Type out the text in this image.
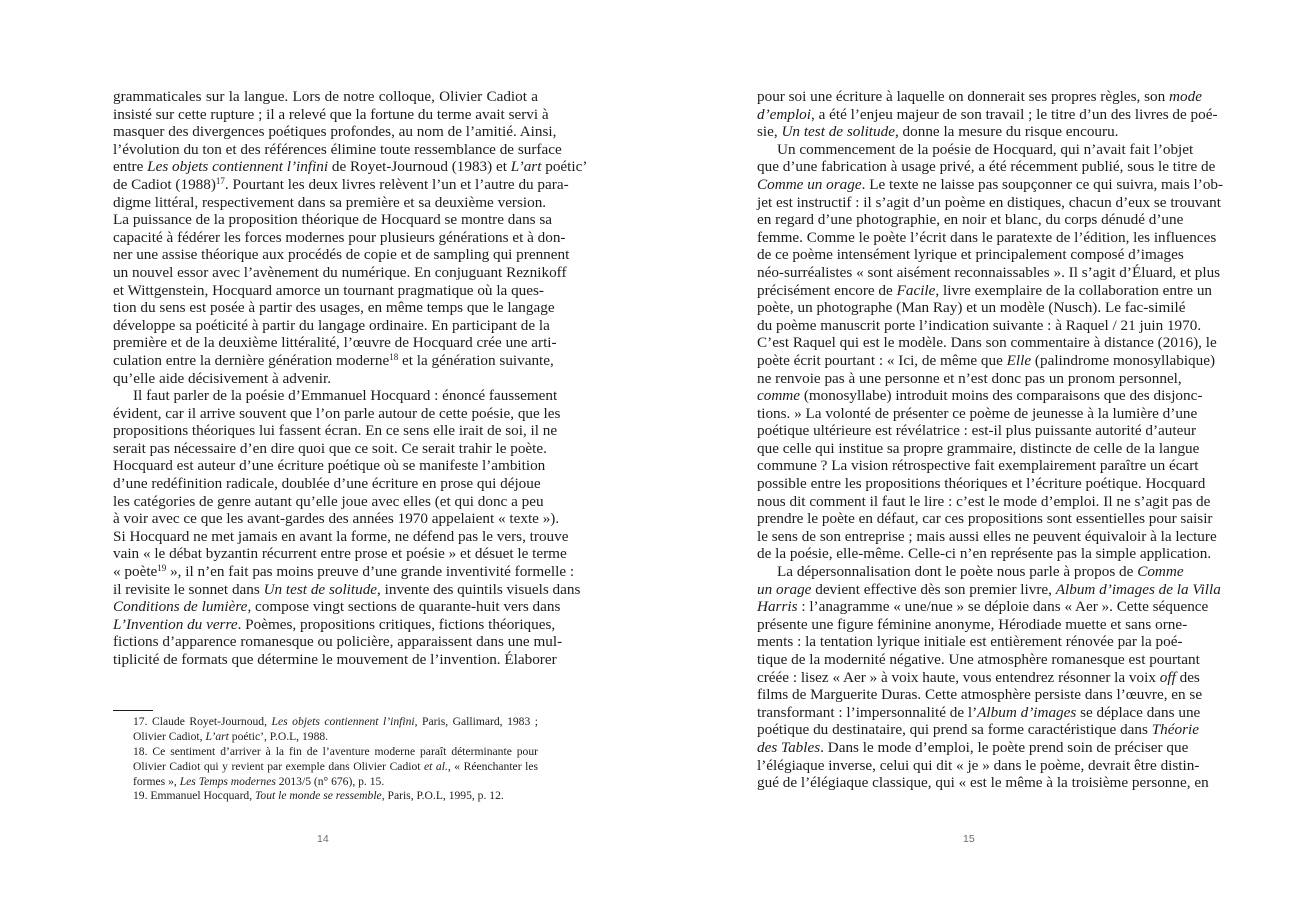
grammaticales sur la langue. Lors de notre colloque, Olivier Cadiot a
insisté sur cette rupture ; il a relevé que la fortune du terme avait servi à
masquer des divergences poétiques profondes, au nom de l’amitié. Ainsi,
l’évolution du ton et des références élimine toute ressemblance de surface
entre Les objets contiennent l’infini de Royet-Journoud (1983) et L’art poétic’
de Cadiot $(1988)^{17}$. Pourtant les deux livres relèvent l’un et l’autre du para-
digme littéral, respectivement dans sa première et sa deuxième version.
La puissance de la proposition théorique de Hocquard se montre dans sa
capacité à fédérer les forces modernes pour plusieurs générations et à don-
ner une assise théorique aux procédés de copie et de sampling qui prennent
un nouvel essor avec l’avènement du numérique. En conjuguant Reznikoff
et Wittgenstein, Hocquard amorce un tournant pragmatique où la ques-
tion du sens est posée à partir des usages, en même temps que le langage
développe sa poéticité à partir du langage ordinaire. En participant de la
première et de la deuxième littéralité, l’œuvre de Hocquard crée une arti-
culation entre la dernière génération moderne$^{18}$ et la génération suivante,
qu’elle aide décisivement à advenir.
Il faut parler de la poésie d’Emmanuel Hocquard : énoncé faussement
évident, car il arrive souvent que l’on parle autour de cette poésie, que les
propositions théoriques lui fassent écran. En ce sens elle irait de soi, il ne
serait pas nécessaire d’en dire quoi que ce soit. Ce serait trahir le poète.
Hocquard est auteur d’une écriture poétique où se manifeste l’ambition
d’une redéfinition radicale, doublée d’une écriture en prose qui déjoue
les catégories de genre autant qu’elle joue avec elles (et qui donc a peu
à voir avec ce que les avant-gardes des années 1970 appelaient « texte »).
Si Hocquard ne met jamais en avant la forme, ne défend pas le vers, trouve
vain « le débat byzantin récurrent entre prose et poésie » et désuet le terme
« poète$^{19}$ », il n’en fait pas moins preuve d’une grande inventivité formelle :
il revisite le sonnet dans Un test de solitude, invente des quintils visuels dans
Conditions de lumière, compose vingt sections de quarante-huit vers dans
L’Invention du verre. Poèmes, propositions critiques, fictions théoriques,
fictions d’apparence romanesque ou policière, apparaissent dans une mul-
tiplicité de formats que détermine le mouvement de l’invention. Élaborer
17. Claude Royet-Journoud, Les objets contiennent l’infini, Paris, Gallimard, 1983 ;
Olivier Cadiot, L’art poétic’, P.O.L, 1988.
18. Ce sentiment d’arriver à la fin de l’aventure moderne paraît déterminante pour
Olivier Cadiot qui y revient par exemple dans Olivier Cadiot et al., « Réenchanter les
formes », Les Temps modernes 2013/5 (n° 676), p. 15.
19. Emmanuel Hocquard, Tout le monde se ressemble, Paris, P.O.L, 1995, p. 12.
14
pour soi une écriture à laquelle on donnerait ses propres règles, son mode
d’emploi, a été l’enjeu majeur de son travail ; le titre d’un des livres de poé-
sie, Un test de solitude, donne la mesure du risque encouru.
Un commencement de la poésie de Hocquard, qui n’avait fait l’objet
que d’une fabrication à usage privé, a été récemment publié, sous le titre de
Comme un orage. Le texte ne laisse pas soupçonner ce qui suivra, mais l’ob-
jet est instructif : il s’agit d’un poème en distiques, chacun d’eux se trouvant
en regard d’une photographie, en noir et blanc, du corps dénudé d’une
femme. Comme le poète l’écrit dans le paratexte de l’édition, les influences
de ce poème intensément lyrique et principalement composé d’images
néo-surréalistes « sont aisément reconnaissables ». Il s’agit d’Éluard, et plus
précisément encore de Facile, livre exemplaire de la collaboration entre un
poète, un photographe (Man Ray) et un modèle (Nusch). Le fac-similé
du poème manuscrit porte l’indication suivante : à Raquel / 21 juin 1970.
C’est Raquel qui est le modèle. Dans son commentaire à distance (2016), le
poète écrit pourtant : « Ici, de même que Elle (palindrome monosyllabique)
ne renvoie pas à une personne et n’est donc pas un pronom personnel,
comme (monosyllabe) introduit moins des comparaisons que des disjonc-
tions. » La volonté de présenter ce poème de jeunesse à la lumière d’une
poétique ultérieure est révélatrice : est-il plus puissante autorité d’auteur
que celle qui institue sa propre grammaire, distincte de celle de la langue
commune ? La vision rétrospective fait exemplairement paraître un écart
possible entre les propositions théoriques et l’écriture poétique. Hocquard
nous dit comment il faut le lire : c’est le mode d’emploi. Il ne s’agit pas de
prendre le poète en défaut, car ces propositions sont essentielles pour saisir
le sens de son entreprise ; mais aussi elles ne peuvent équivaloir à la lecture
de la poésie, elle-même. Celle-ci n’en représente pas la simple application.
La dépersonnalisation dont le poète nous parle à propos de Comme
un orage devient effective dès son premier livre, Album d’images de la Villa
Harris : l’anagramme « une/nue » se déploie dans « Aer ». Cette séquence
présente une figure féminine anonyme, Hérodiade muette et sans orne-
ments : la tentation lyrique initiale est entièrement rénovée par la poé-
tique de la modernité négative. Une atmosphère romanesque est pourtant
créée : lisez « Aer » à voix haute, vous entendrez résonner la voix off des
films de Marguerite Duras. Cette atmosphère persiste dans l’œuvre, en se
transformant : l’impersonnalité de l’Album d’images se déplace dans une
poétique du destinataire, qui prend sa forme caractéristique dans Théorie
des Tables. Dans le mode d’emploi, le poète prend soin de préciser que
l’élégiaque inverse, celui qui dit « je » dans le poème, devrait être distin-
gué de l’élégiaque classique, qui « est le même à la troisième personne, en
15
